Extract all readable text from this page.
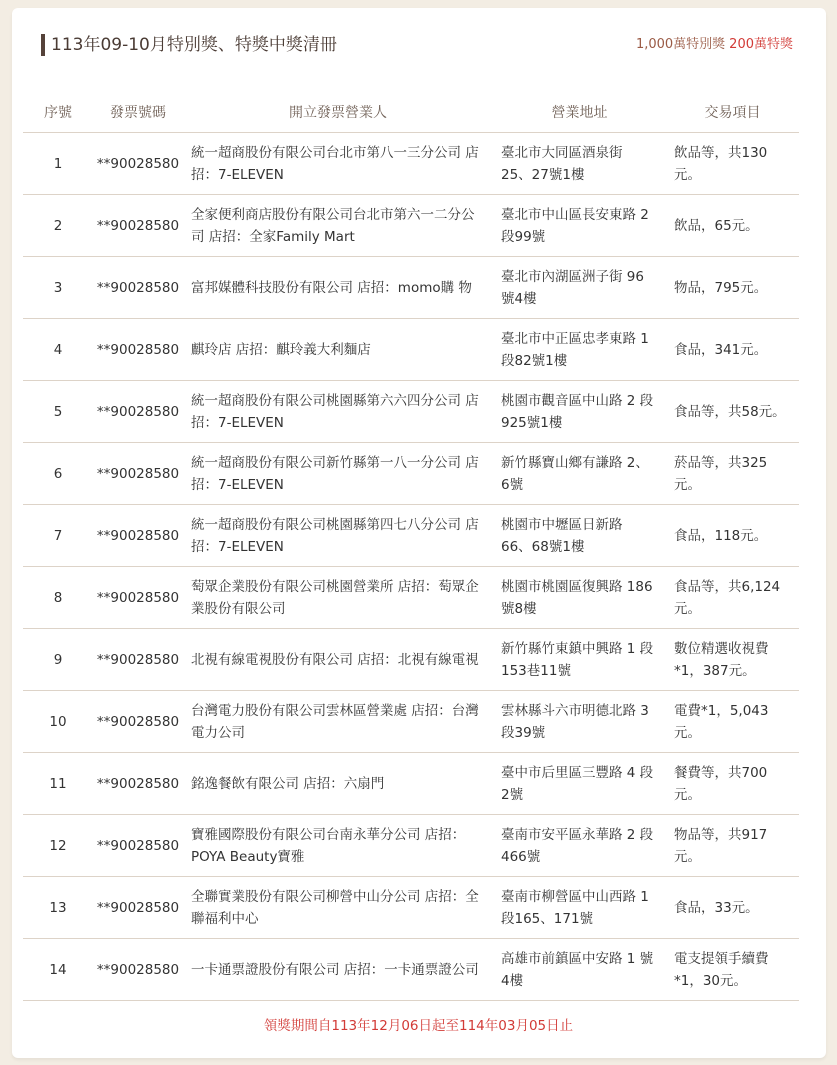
113年09-10月特別獎、特獎中獎清冊	1,000萬特別獎 200萬特獎
序號	發票號碼	開立發票營業人	營業地址	交易項目
1	**90028580	統一超商股份有限公司台北市第八一三分公司 店招：7-ELEVEN	臺北市大同區酒泉街 25、27號1樓	飲品等，共130 元。
2	**90028580	全家便利商店股份有限公司台北市第六一二分公司 店招：全家Family Mart	臺北市中山區長安東路 2段99號	飲品，65元。
3	**90028580	富邦媒體科技股份有限公司 店招：momo購 物	臺北市內湖區洲子街 96號4樓	物品，795元。
4	**90028580	麒玲店 店招：麒玲義大利麵店	臺北市中正區忠孝東路 1段82號1樓	食品，341元。
5	**90028580	統一超商股份有限公司桃園縣第六六四分公司 店招：7-ELEVEN	桃園市觀音區中山路 2 段925號1樓	食品等，共58元。
6	**90028580	統一超商股份有限公司新竹縣第一八一分公司 店招：7-ELEVEN	新竹縣寶山鄉有謙路 2、6號	菸品等，共325 元。
7	**90028580	統一超商股份有限公司桃園縣第四七八分公司 店招：7-ELEVEN	桃園市中壢區日新路 66、68號1樓	食品，118元。
8	**90028580	萄眾企業股份有限公司桃園營業所 店招：萄眾企業股份有限公司	桃園市桃園區復興路 186號8樓	食品等，共6,124 元。
9	**90028580	北視有線電視股份有限公司 店招：北視有線電視	新竹縣竹東鎮中興路 1 段153巷11號	數位精選收視費 *1，387元。
10	**90028580	台灣電力股份有限公司雲林區營業處 店招：台灣電力公司	雲林縣斗六市明德北路 3段39號	電費*1，5,043 元。
11	**90028580	銘逸餐飲有限公司 店招：六扇門	臺中市后里區三豐路 4 段2號	餐費等，共700 元。
12	**90028580	寶雅國際股份有限公司台南永華分公司 店招：POYA Beauty寶雅	臺南市安平區永華路 2 段466號	物品等，共917 元。
13	**90028580	全聯實業股份有限公司柳營中山分公司 店招：全聯福利中心	臺南市柳營區中山西路 1段165、171號	食品，33元。
14	**90028580	一卡通票證股份有限公司 店招：一卡通票證公司	高雄市前鎮區中安路 1 號4樓	電支提領手續費 *1，30元。
領獎期間自113年12月06日起至114年03月05日止
